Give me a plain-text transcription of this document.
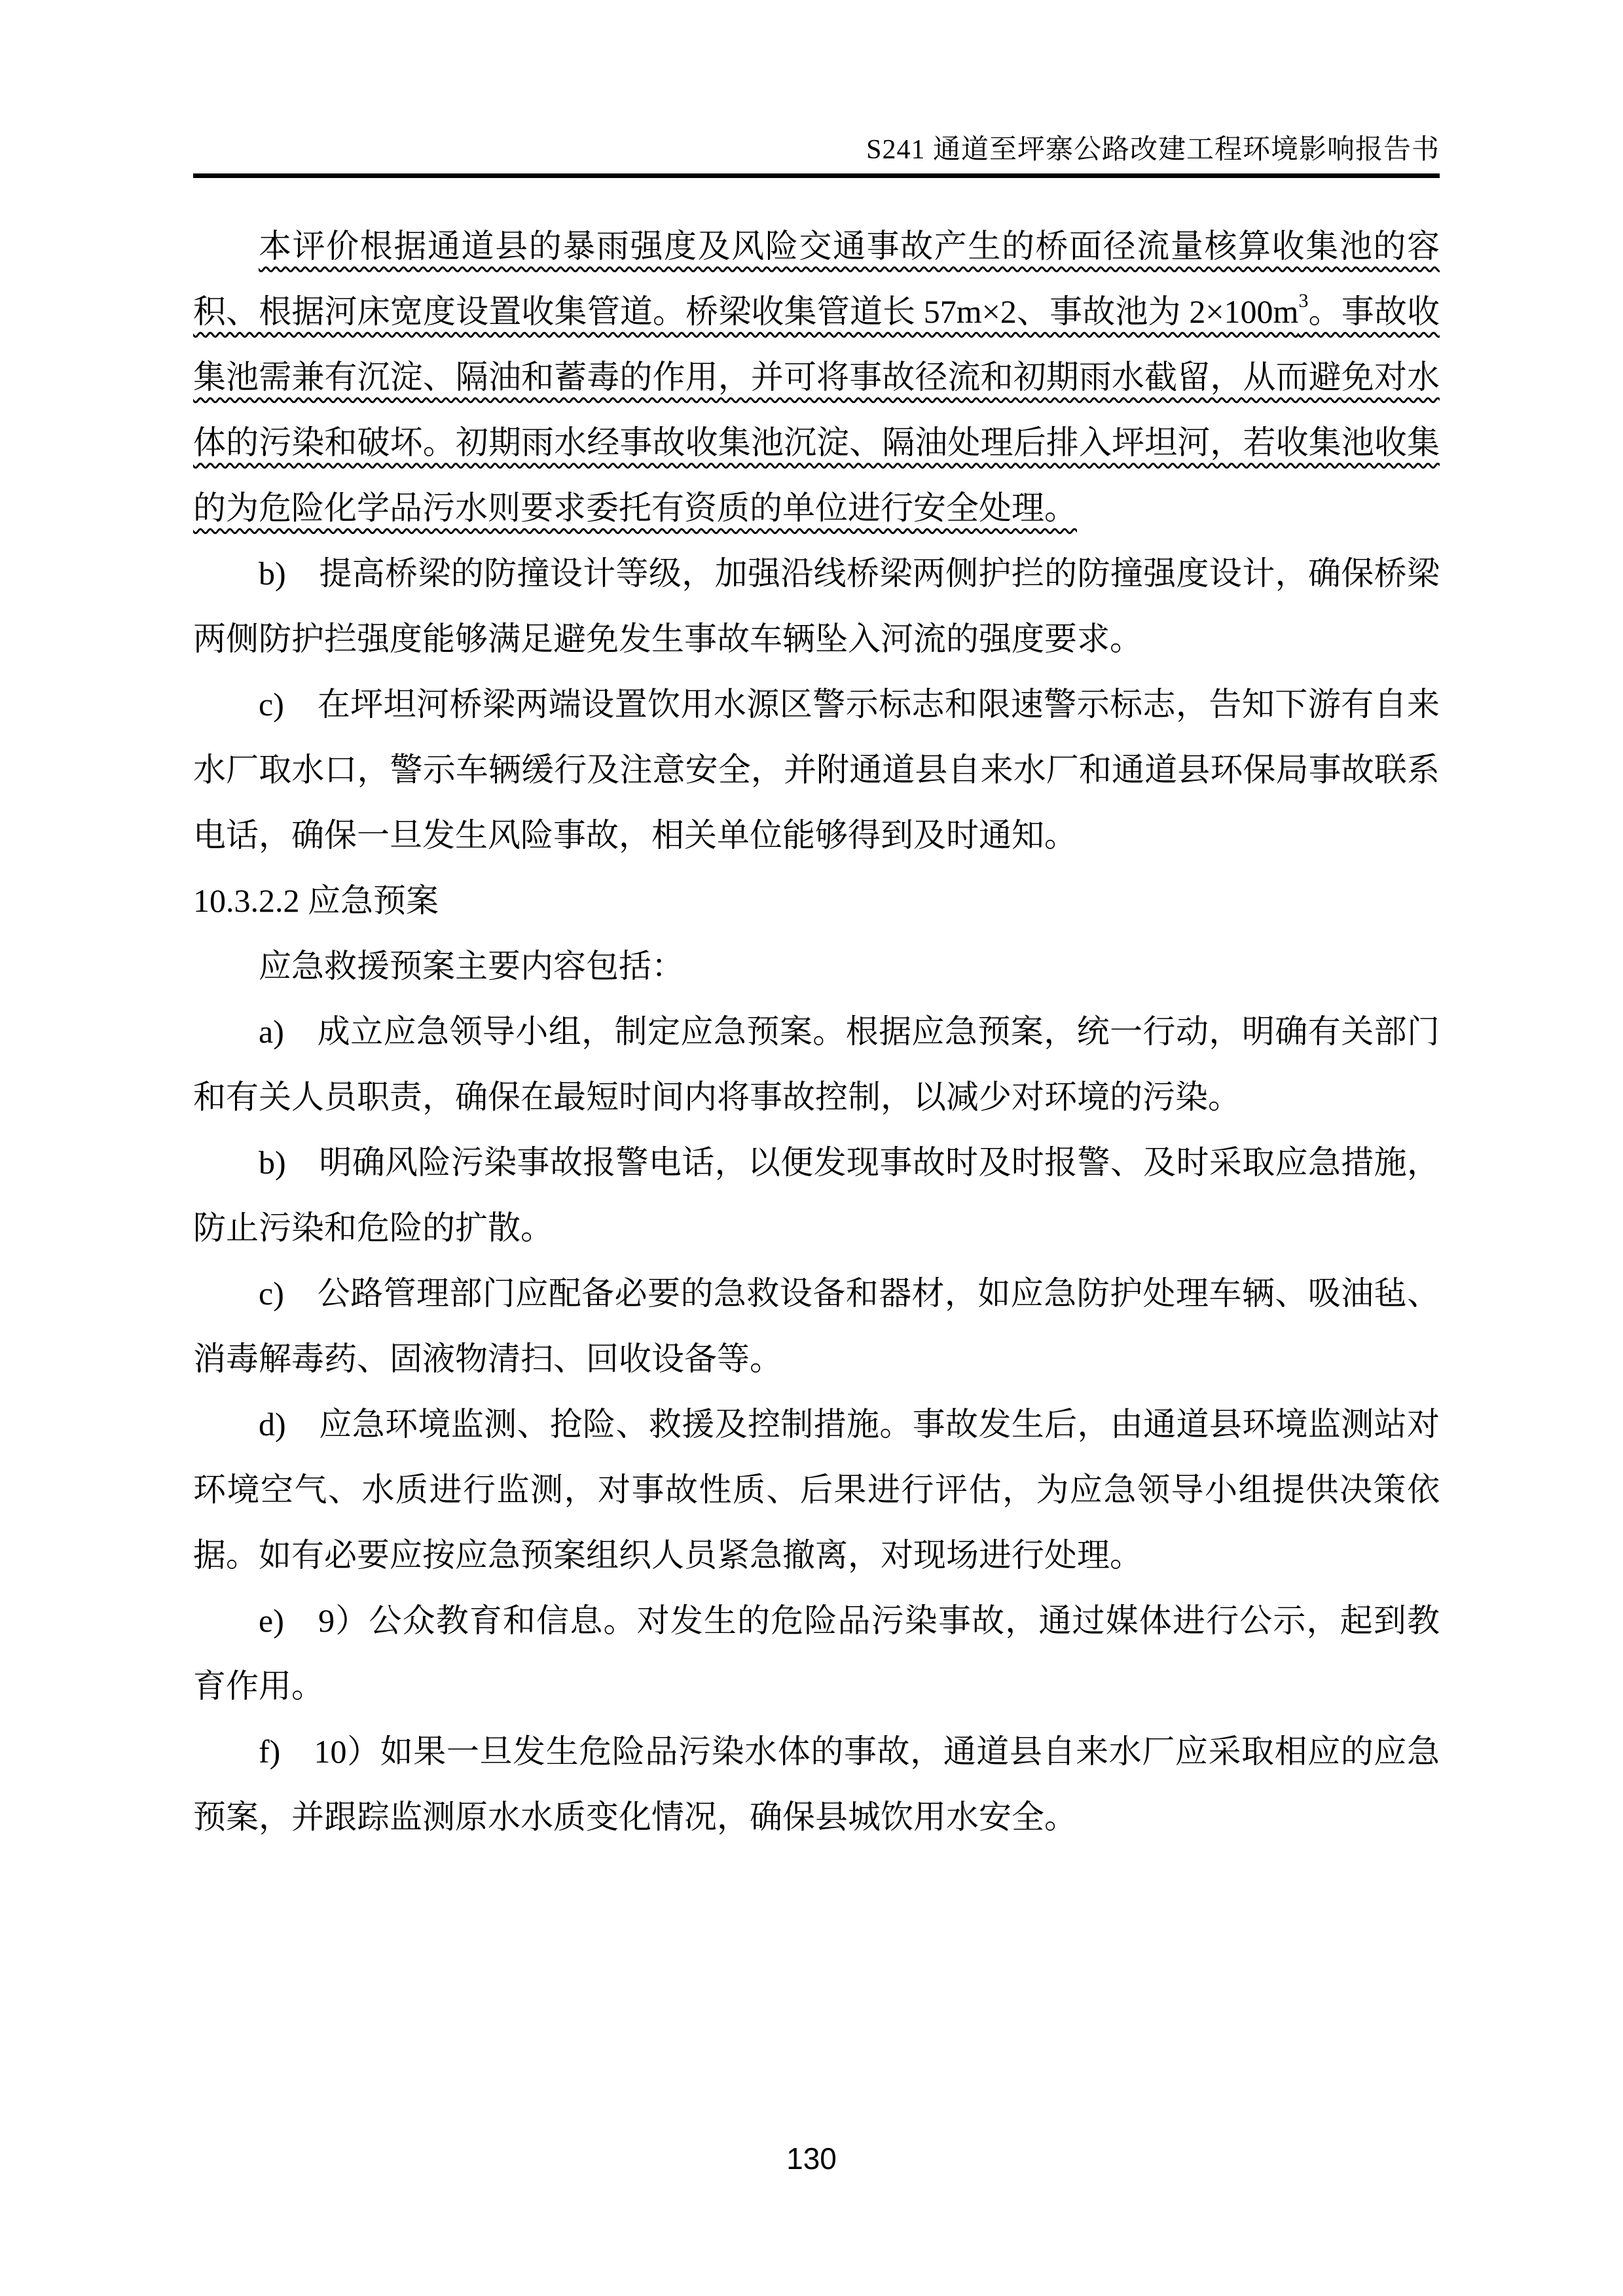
S241 通道至坪寨公路改建工程环境影响报告书

本评价根据通道县的暴雨强度及风险交通事故产生的桥面径流量核算收集池的容积、根据河床宽度设置收集管道。桥梁收集管道长 57m×2、事故池为 $2\times 100m^3$。事故收集池需兼有沉淀、隔油和蓄毒的作用，并可将事故径流和初期雨水截留，从而避免对水体的污染和破坏。初期雨水经事故收集池沉淀、隔油处理后排入坪坦河，若收集池收集的为危险化学品污水则要求委托有资质的单位进行安全处理。

b)　提高桥梁的防撞设计等级，加强沿线桥梁两侧护拦的防撞强度设计，确保桥梁两侧防护拦强度能够满足避免发生事故车辆坠入河流的强度要求。

c)　在坪坦河桥梁两端设置饮用水源区警示标志和限速警示标志，告知下游有自来水厂取水口，警示车辆缓行及注意安全，并附通道县自来水厂和通道县环保局事故联系电话，确保一旦发生风险事故，相关单位能够得到及时通知。

10.3.2.2 应急预案

应急救援预案主要内容包括：

a)　成立应急领导小组，制定应急预案。根据应急预案，统一行动，明确有关部门和有关人员职责，确保在最短时间内将事故控制，以减少对环境的污染。

b)　明确风险污染事故报警电话，以便发现事故时及时报警、及时采取应急措施，防止污染和危险的扩散。

c)　公路管理部门应配备必要的急救设备和器材，如应急防护处理车辆、吸油毡、消毒解毒药、固液物清扫、回收设备等。

d)　应急环境监测、抢险、救援及控制措施。事故发生后，由通道县环境监测站对环境空气、水质进行监测，对事故性质、后果进行评估，为应急领导小组提供决策依据。如有必要应按应急预案组织人员紧急撤离，对现场进行处理。

e)　9）公众教育和信息。对发生的危险品污染事故，通过媒体进行公示，起到教育作用。

f)　10）如果一旦发生危险品污染水体的事故，通道县自来水厂应采取相应的应急预案，并跟踪监测原水水质变化情况，确保县城饮用水安全。

130
